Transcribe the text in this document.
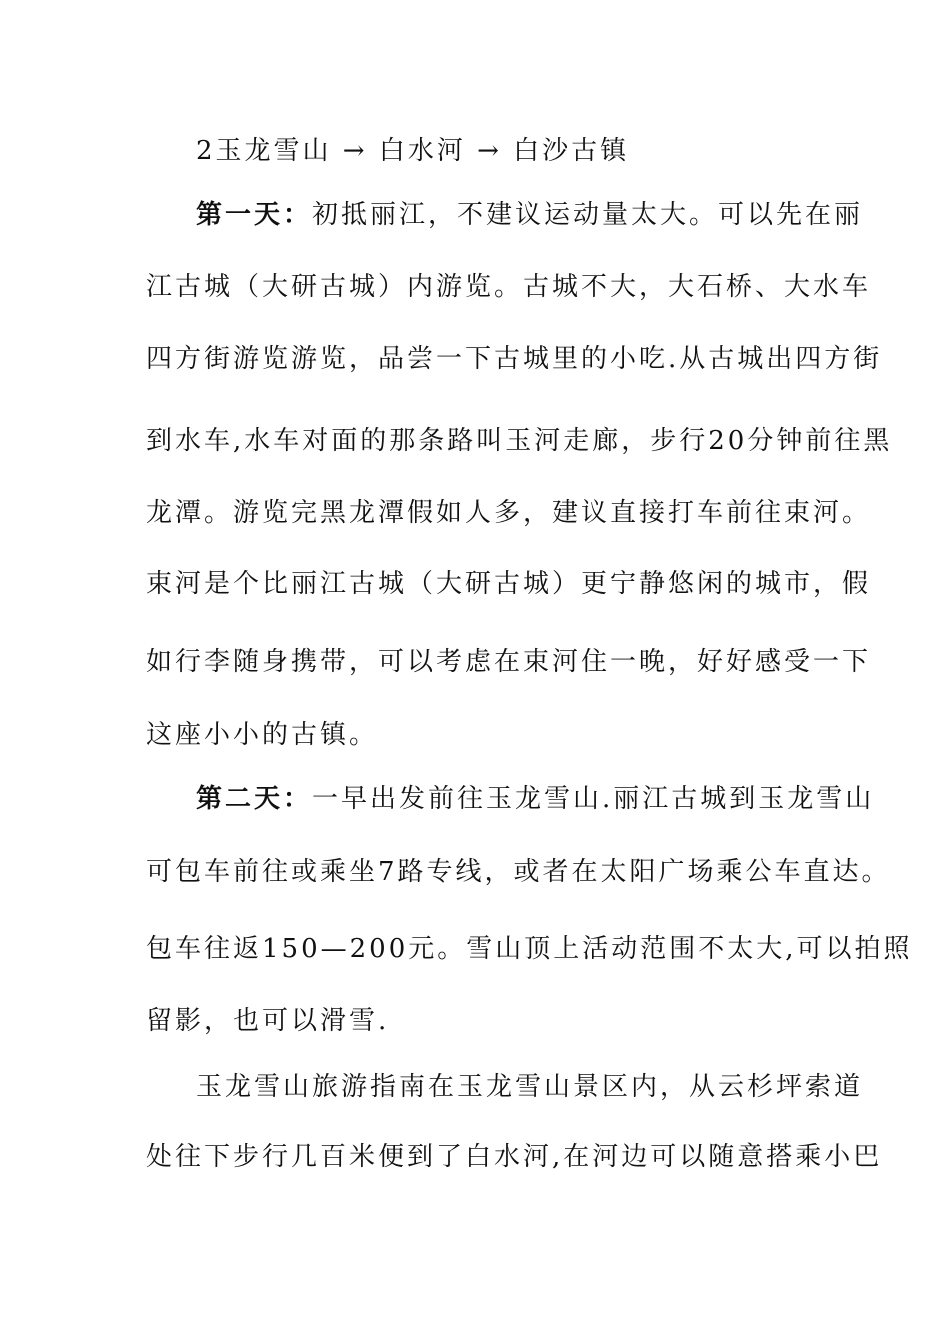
2玉龙雪山 → 白水河 → 白沙古镇
第一天：初抵丽江，不建议运动量太大。可以先在丽
江古城（大研古城）内游览。古城不大，大石桥、大水车
四方街游览游览，品尝一下古城里的小吃.从古城出四方街
到水车,水车对面的那条路叫玉河走廊，步行20分钟前往黑
龙潭。游览完黑龙潭假如人多，建议直接打车前往束河。
束河是个比丽江古城（大研古城）更宁静悠闲的城市，假
如行李随身携带，可以考虑在束河住一晚，好好感受一下
这座小小的古镇。
第二天：一早出发前往玉龙雪山.丽江古城到玉龙雪山
可包车前往或乘坐7路专线，或者在太阳广场乘公车直达。
包车往返150—200元。雪山顶上活动范围不太大,可以拍照
留影，也可以滑雪.
玉龙雪山旅游指南在玉龙雪山景区内，从云杉坪索道
处往下步行几百米便到了白水河,在河边可以随意搭乘小巴
